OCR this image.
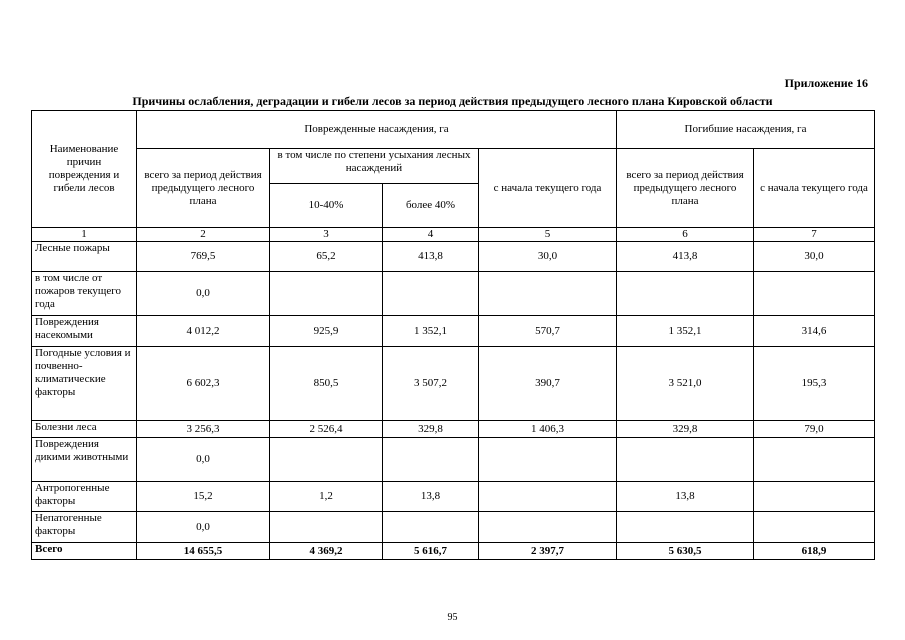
Приложение 16
Причины ослабления, деградации и гибели лесов за период действия предыдущего лесного плана Кировской области
Наименование причин повреждения и гибели лесов	Поврежденные насаждения, га				Погибшие насаждения, га	
	всего за период действия предыдущего лесного плана	в том числе по степени усыхания лесных насаждений		с начала текущего года	всего за период действия предыдущего лесного плана	с начала текущего года
		10-40%	более 40%			
1	2	3	4	5	6	7
Лесные пожары	769,5	65,2	413,8	30,0	413,8	30,0
в том числе от пожаров текущего года	0,0					
Повреждения насекомыми	4 012,2	925,9	1 352,1	570,7	1 352,1	314,6
Погодные условия и почвенно-климатические факторы	6 602,3	850,5	3 507,2	390,7	3 521,0	195,3
Болезни леса	3 256,3	2 526,4	329,8	1 406,3	329,8	79,0
Повреждения дикими животными	0,0					
Антропогенные факторы	15,2	1,2	13,8		13,8	
Непатогенные факторы	0,0					
Всего	14 655,5	4 369,2	5 616,7	2 397,7	5 630,5	618,9
95
